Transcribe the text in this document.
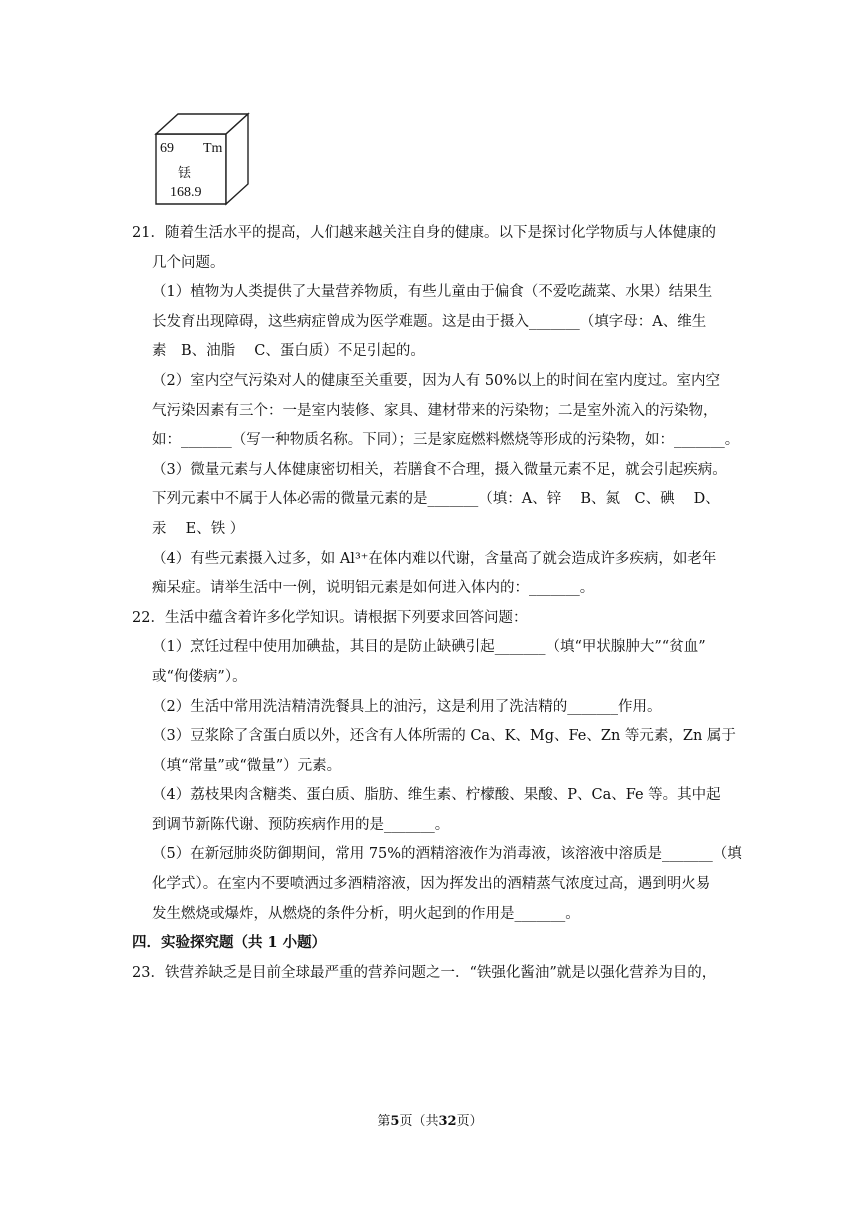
69 Tm
铥
168.9
21．随着生活水平的提高，人们越来越关注自身的健康。以下是探讨化学物质与人体健康的
几个问题。
（1）植物为人类提供了大量营养物质，有些儿童由于偏食（不爱吃蔬菜、水果）结果生
长发育出现障碍，这些病症曾成为医学难题。这是由于摄入_______（填字母：A、维生
素　B、油脂　 C、蛋白质）不足引起的。
（2）室内空气污染对人的健康至关重要，因为人有 50%以上的时间在室内度过。室内空
气污染因素有三个：一是室内装修、家具、建材带来的污染物；二是室外流入的污染物，
如：_______（写一种物质名称。下同）；三是家庭燃料燃烧等形成的污染物，如：_______。
（3）微量元素与人体健康密切相关，若膳食不合理，摄入微量元素不足，就会引起疾病。
下列元素中不属于人体必需的微量元素的是_______（填：A、锌　 B、氮　C、碘　 D、
汞　 E、铁 ）
（4）有些元素摄入过多，如 Al³⁺在体内难以代谢，含量高了就会造成许多疾病，如老年
痴呆症。请举生活中一例，说明铝元素是如何进入体内的：_______。
22．生活中蕴含着许多化学知识。请根据下列要求回答问题：
（1）烹饪过程中使用加碘盐，其目的是防止缺碘引起_______（填“甲状腺肿大”“贫血”
或“佝偻病”）。
（2）生活中常用洗洁精清洗餐具上的油污，这是利用了洗洁精的_______作用。
（3）豆浆除了含蛋白质以外，还含有人体所需的 Ca、K、Mg、Fe、Zn 等元素，Zn 属于
（填“常量”或“微量”）元素。
（4）荔枝果肉含糖类、蛋白质、脂肪、维生素、柠檬酸、果酸、P、Ca、Fe 等。其中起
到调节新陈代谢、预防疾病作用的是_______。
（5）在新冠肺炎防御期间，常用 75%的酒精溶液作为消毒液，该溶液中溶质是_______（填
化学式）。在室内不要喷洒过多酒精溶液，因为挥发出的酒精蒸气浓度过高，遇到明火易
发生燃烧或爆炸，从燃烧的条件分析，明火起到的作用是_______。
四．实验探究题（共 1 小题）
23．铁营养缺乏是目前全球最严重的营养问题之一．“铁强化酱油”就是以强化营养为目的，
第5页（共32页）
